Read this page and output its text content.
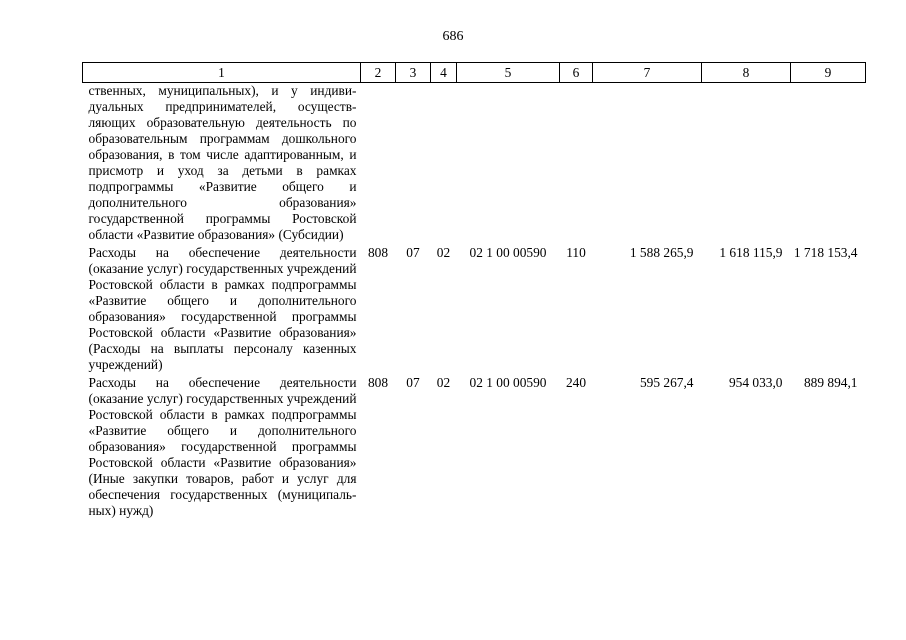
686
1	2	3	4	5	6	7	8	9
ственных, муниципальных), и у индивидуальных предпринимателей, осуществляющих образовательную деятельность по образовательным программам дошкольного образования, в том числе адаптированным, и присмотр и уход за детьми в рамках подпрограммы «Развитие общего и дополнительного образования» государственной программы Ростовской области «Развитие образования» (Субсидии)								
Расходы на обеспечение деятельности (оказание услуг) государственных учреждений Ростовской области в рамках подпрограммы «Развитие общего и дополнительного образования» государственной программы Ростовской области «Развитие образования» (Расходы на выплаты персоналу казенных учреждений)	808	07	02	02 1 00 00590	110	1 588 265,9	1 618 115,9	1 718 153,4
Расходы на обеспечение деятельности (оказание услуг) государственных учреждений Ростовской области в рамках подпрограммы «Развитие общего и дополнительного образования» государственной программы Ростовской области «Развитие образования» (Иные закупки товаров, работ и услуг для обеспечения государственных (муниципальных) нужд)	808	07	02	02 1 00 00590	240	595 267,4	954 033,0	889 894,1
